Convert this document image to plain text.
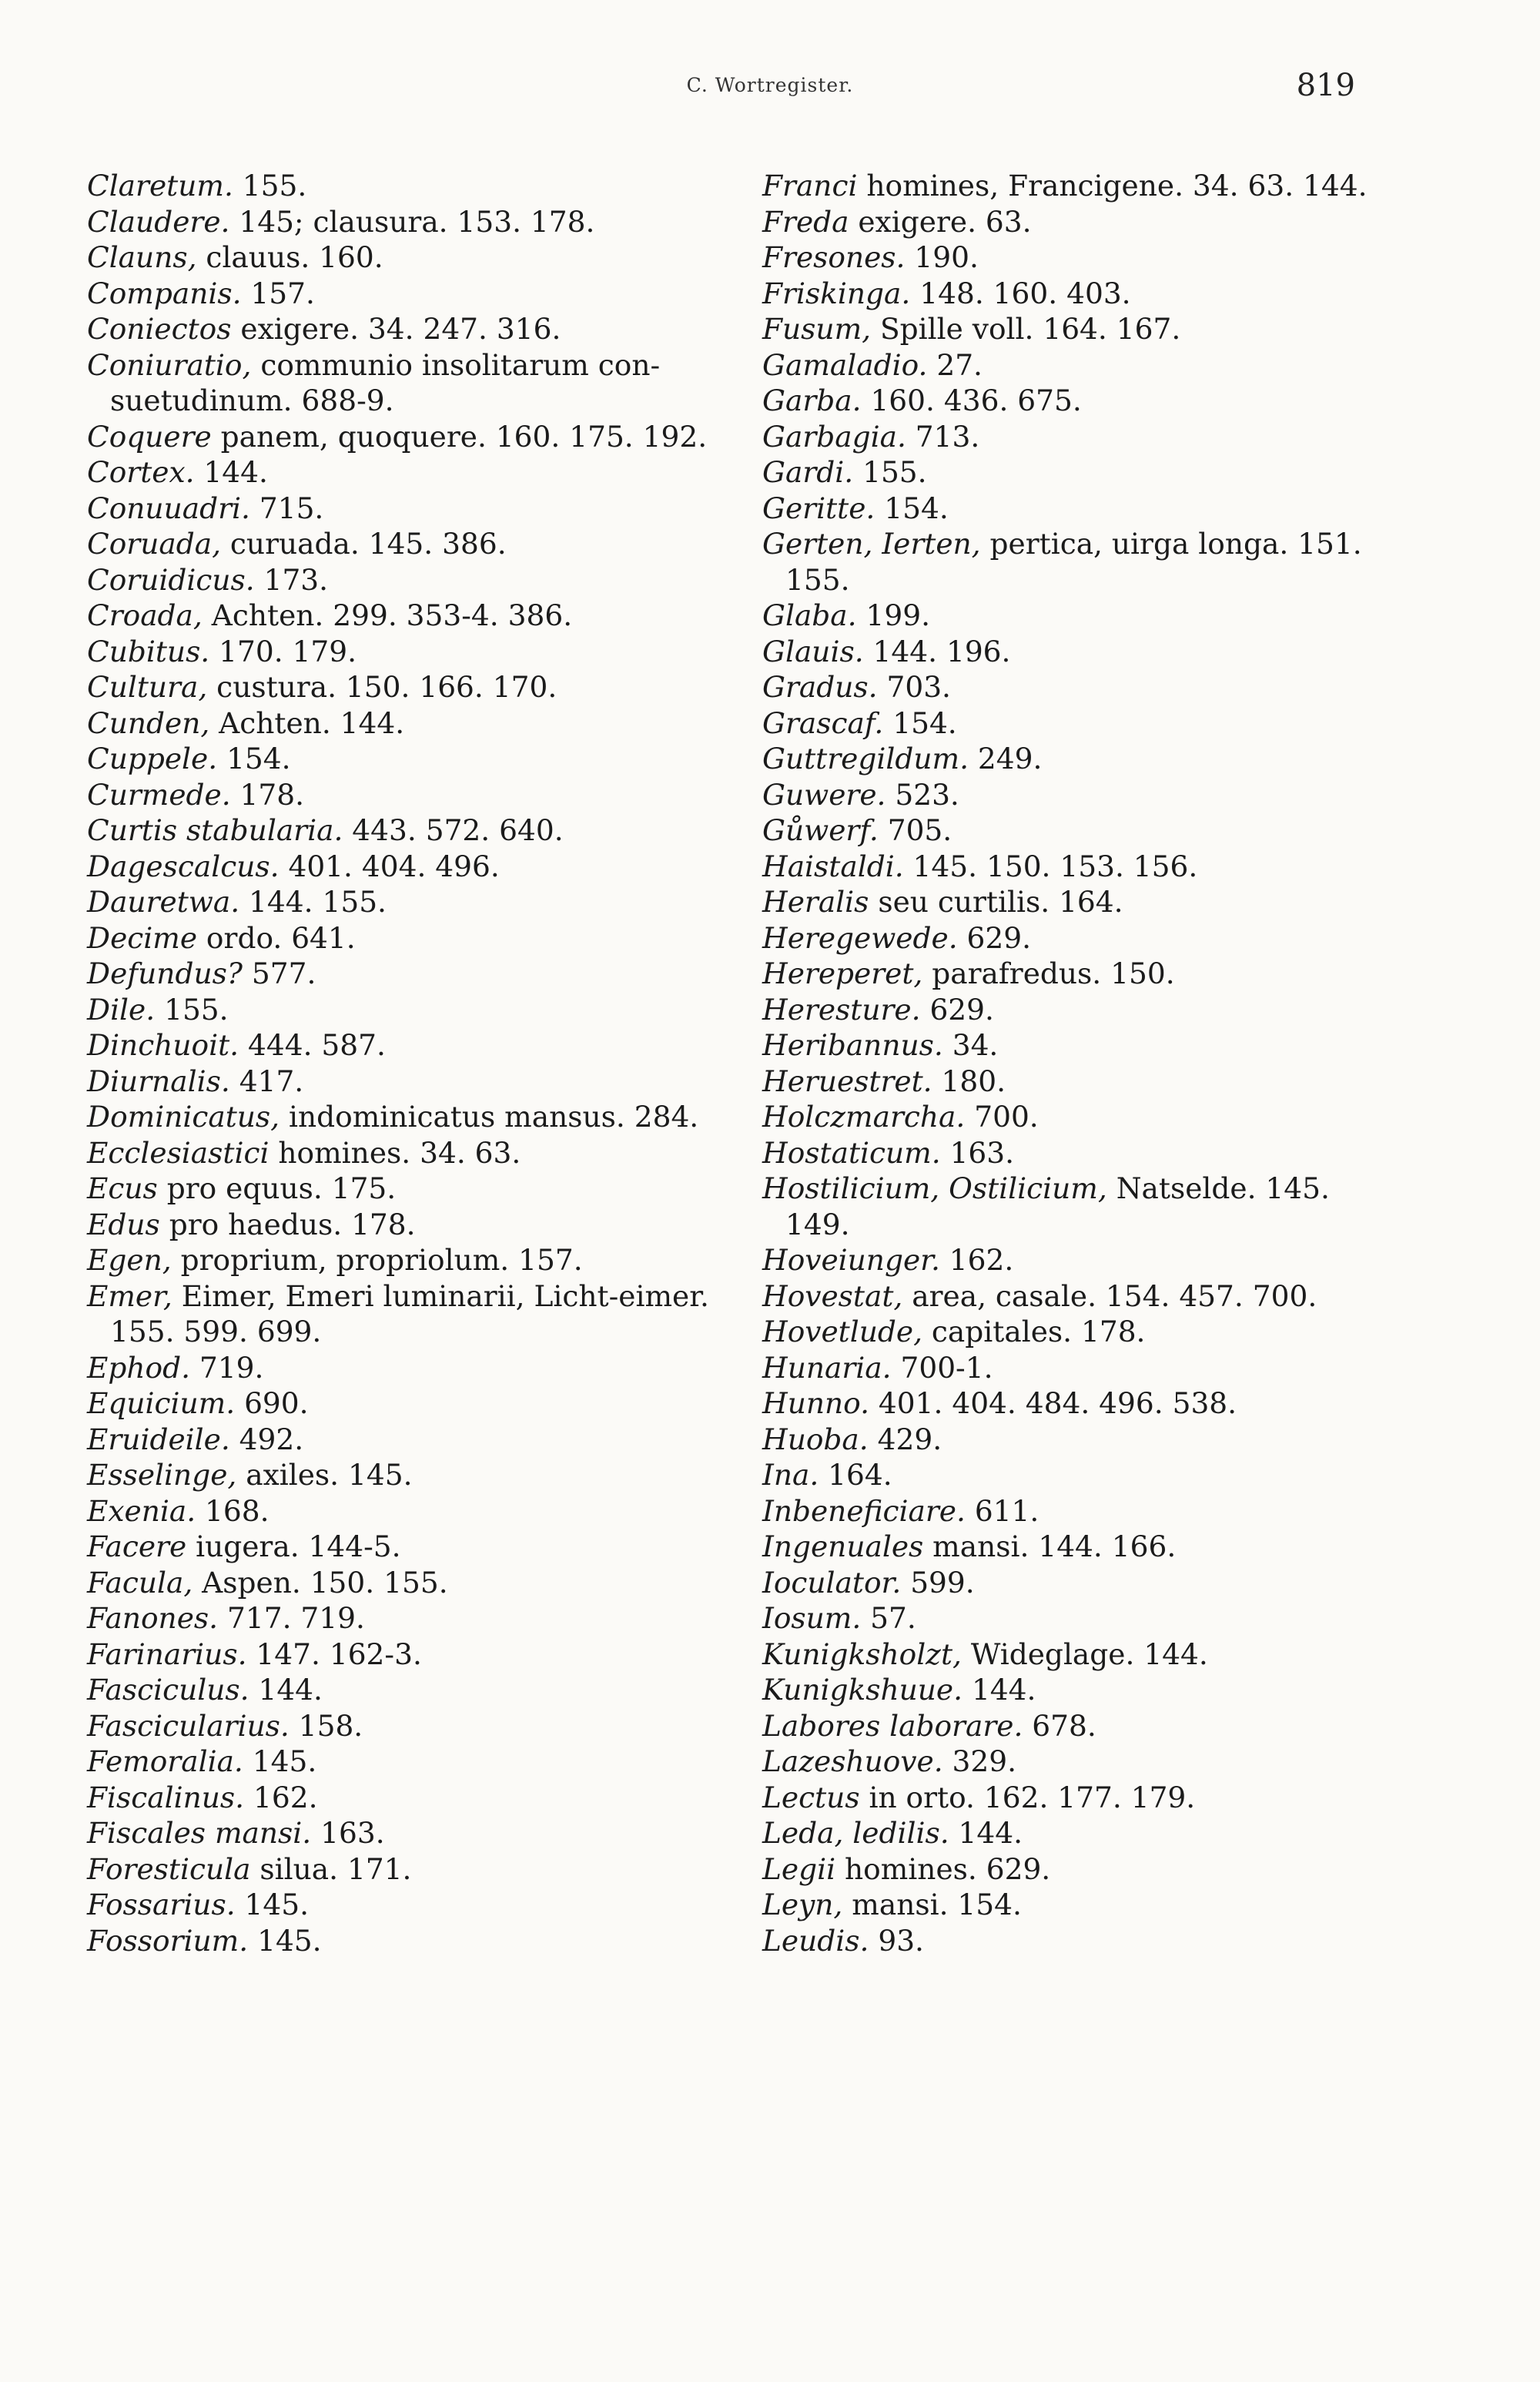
C. Wortregister.	819
Claretum. 155.
Claudere. 145; clausura. 153. 178.
Clauns, clauus. 160.
Companis. 157.
Coniectos exigere. 34. 247. 316.
Coniuratio, communio insolitarum con-suetudinum. 688-9.
Coquere panem, quoquere. 160. 175. 192.
Cortex. 144.
Conuuadri. 715.
Coruada, curuada. 145. 386.
Coruidicus. 173.
Croada, Achten. 299. 353-4. 386.
Cubitus. 170. 179.
Cultura, custura. 150. 166. 170.
Cunden, Achten. 144.
Cuppele. 154.
Curmede. 178.
Curtis stabularia. 443. 572. 640.
Dagescalcus. 401. 404. 496.
Dauretwa. 144. 155.
Decime ordo. 641.
Defundus? 577.
Dile. 155.
Dinchuoit. 444. 587.
Diurnalis. 417.
Dominicatus, indominicatus mansus. 284.
Ecclesiastici homines. 34. 63.
Ecus pro equus. 175.
Edus pro haedus. 178.
Egen, proprium, propriolum. 157.
Emer, Eimer, Emeri luminarii, Licht-eimer. 155. 599. 699.
Ephod. 719.
Equicium. 690.
Eruideile. 492.
Esselinge, axiles. 145.
Exenia. 168.
Facere iugera. 144-5.
Facula, Aspen. 150. 155.
Fanones. 717. 719.
Farinarius. 147. 162-3.
Fasciculus. 144.
Fascicularius. 158.
Femoralia. 145.
Fiscalinus. 162.
Fiscales mansi. 163.
Foresticula silua. 171.
Fossarius. 145.
Fossorium. 145.
Franci homines, Francigene. 34. 63. 144.
Freda exigere. 63.
Fresones. 190.
Friskinga. 148. 160. 403.
Fusum, Spille voll. 164. 167.
Gamaladio. 27.
Garba. 160. 436. 675.
Garbagia. 713.
Gardi. 155.
Geritte. 154.
Gerten, Ierten, pertica, uirga longa. 151. 155.
Glaba. 199.
Glauis. 144. 196.
Gradus. 703.
Grascaf. 154.
Guttregildum. 249.
Guwere. 523.
Gůwerf. 705.
Haistaldi. 145. 150. 153. 156.
Heralis seu curtilis. 164.
Heregewede. 629.
Hereperet, parafredus. 150.
Heresture. 629.
Heribannus. 34.
Heruestret. 180.
Holczmarcha. 700.
Hostaticum. 163.
Hostilicium, Ostilicium, Natselde. 145. 149.
Hoveiunger. 162.
Hovestat, area, casale. 154. 457. 700.
Hovetlude, capitales. 178.
Hunaria. 700-1.
Hunno. 401. 404. 484. 496. 538.
Huoba. 429.
Ina. 164.
Inbeneficiare. 611.
Ingenuales mansi. 144. 166.
Ioculator. 599.
Iosum. 57.
Kunigksholzt, Wideglage. 144.
Kunigkshuue. 144.
Labores laborare. 678.
Lazeshuove. 329.
Lectus in orto. 162. 177. 179.
Leda, ledilis. 144.
Legii homines. 629.
Leyn, mansi. 154.
Leudis. 93.
